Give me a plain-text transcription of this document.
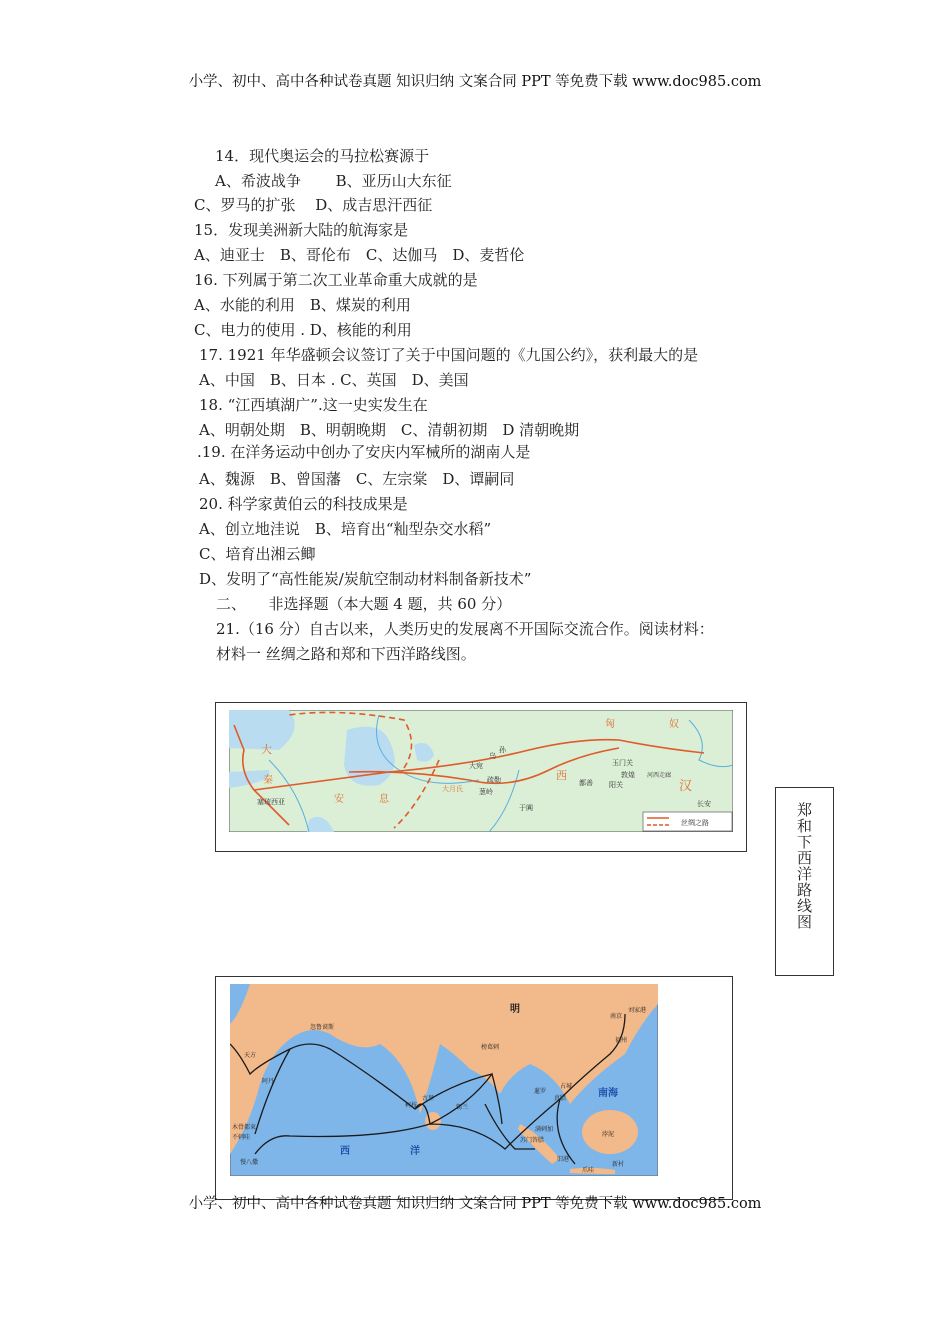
小学、初中、高中各种试卷真题 知识归纳 文案合同 PPT 等免费下载 www.doc985.com
14．现代奥运会的马拉松赛源于
A、希波战争　　 B、亚历山大东征
C、罗马的扩张　 D、成吉思汗西征
15．发现美洲新大陆的航海家是
A、迪亚士　B、哥伦布　C、达伽马　D、麦哲伦
16. 下列属于第二次工业革命重大成就的是
A、水能的利用　B、煤炭的利用
C、电力的使用 . D、核能的利用
17. 1921 年华盛顿会议签订了关于中国问题的《九国公约》，获利最大的是
A、中国　B、日本 . C、英国　D、美国
18. “江西填湖广”.这一史实发生在
A、明朝处期　B、明朝晚期　C、清朝初期　D 清朝晚期
.19. 在洋务运动中创办了安庆内军械所的湖南人是
A、魏源　B、曾国藩　C、左宗棠　D、谭嗣同
20. 科学家黄伯云的科技成果是
A、创立地洼说　B、培育出“籼型杂交水稻”
C、培育出湘云鲫
D、发明了“高性能炭/炭航空制动材料制备新技术”
二、　　非选择题（本大题 4 题，共 60 分）
21.（16 分）自古以来，人类历史的发展离不开国际交流合作。阅读材料：
材料一 丝绸之路和郑和下西洋路线图。
匈	奴
大
秦
安	息
西
汉
大宛
乌
孙
疏勒
大月氏 葱岭
于阗
鄯善
玉门关
敦煌
阳关
河西走廊
长安
塞琉西亚
丝绸之路	郑和下西洋路线图
明
南京
刘家港
福州
忽鲁谟斯
榜葛剌
天方
阿丹
古里
柯枝	锡兰
暹罗
占城
真腊	南海
满剌加
苏门答腊
旧港
爪哇
新村
木骨都束
不剌哇
慢八撒
西	洋
浡泥
小学、初中、高中各种试卷真题 知识归纳 文案合同 PPT 等免费下载 www.doc985.com
